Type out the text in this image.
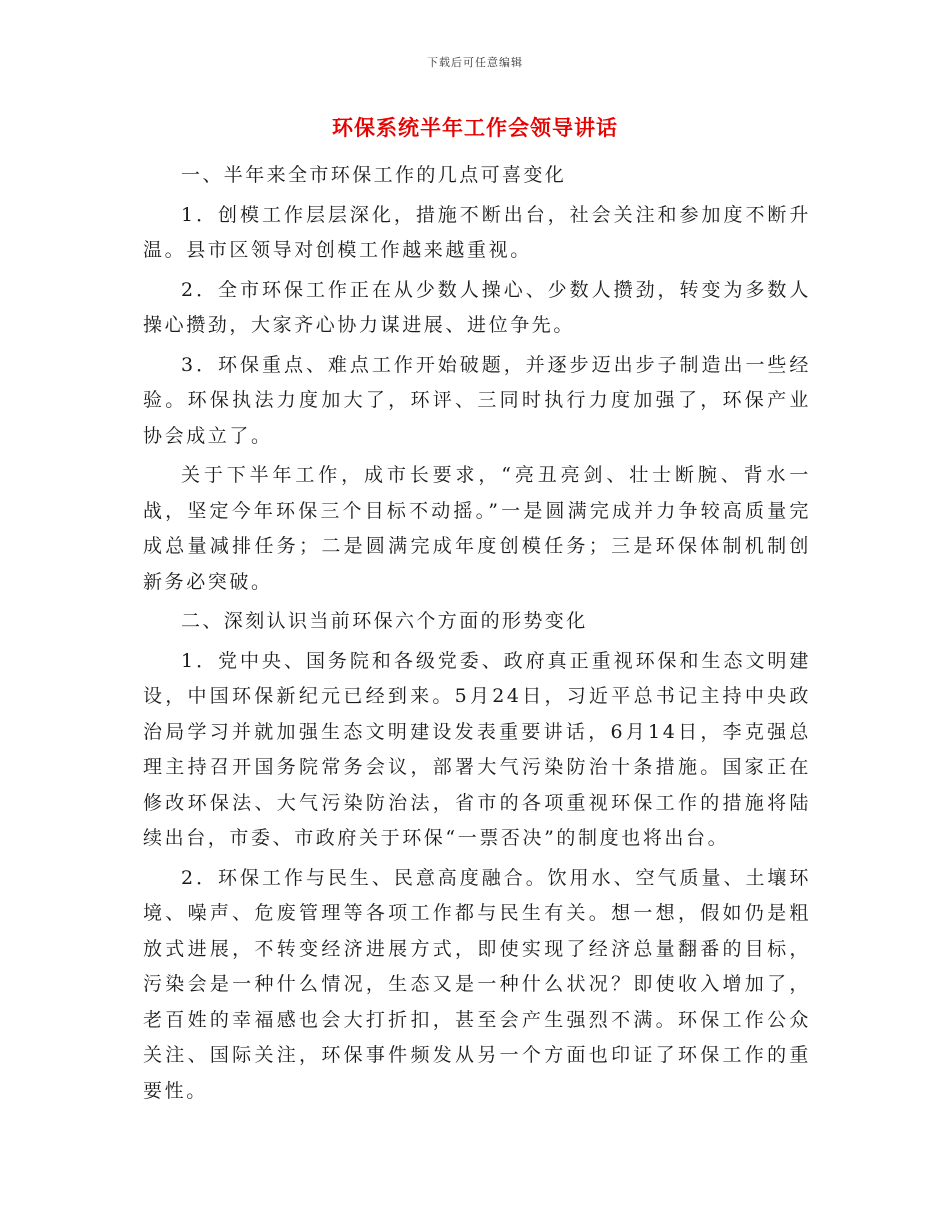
下载后可任意编辑
环保系统半年工作会领导讲话

一、半年来全市环保工作的几点可喜变化

1．创模工作层层深化，措施不断出台，社会关注和参加度不断升温。县市区领导对创模工作越来越重视。

2．全市环保工作正在从少数人操心、少数人攒劲，转变为多数人操心攒劲，大家齐心协力谋进展、进位争先。

3．环保重点、难点工作开始破题，并逐步迈出步子制造出一些经验。环保执法力度加大了，环评、三同时执行力度加强了，环保产业协会成立了。

关于下半年工作，成市长要求，“亮丑亮剑、壮士断腕、背水一战，坚定今年环保三个目标不动摇。”一是圆满完成并力争较高质量完成总量减排任务；二是圆满完成年度创模任务；三是环保体制机制创新务必突破。

二、深刻认识当前环保六个方面的形势变化

1．党中央、国务院和各级党委、政府真正重视环保和生态文明建设，中国环保新纪元已经到来。5月24日，习近平总书记主持中央政治局学习并就加强生态文明建设发表重要讲话，6月14日，李克强总理主持召开国务院常务会议，部署大气污染防治十条措施。国家正在修改环保法、大气污染防治法，省市的各项重视环保工作的措施将陆续出台，市委、市政府关于环保“一票否决”的制度也将出台。

2．环保工作与民生、民意高度融合。饮用水、空气质量、土壤环境、噪声、危废管理等各项工作都与民生有关。想一想，假如仍是粗放式进展，不转变经济进展方式，即使实现了经济总量翻番的目标，污染会是一种什么情况，生态又是一种什么状况？即使收入增加了，老百姓的幸福感也会大打折扣，甚至会产生强烈不满。环保工作公众关注、国际关注，环保事件频发从另一个方面也印证了环保工作的重要性。
